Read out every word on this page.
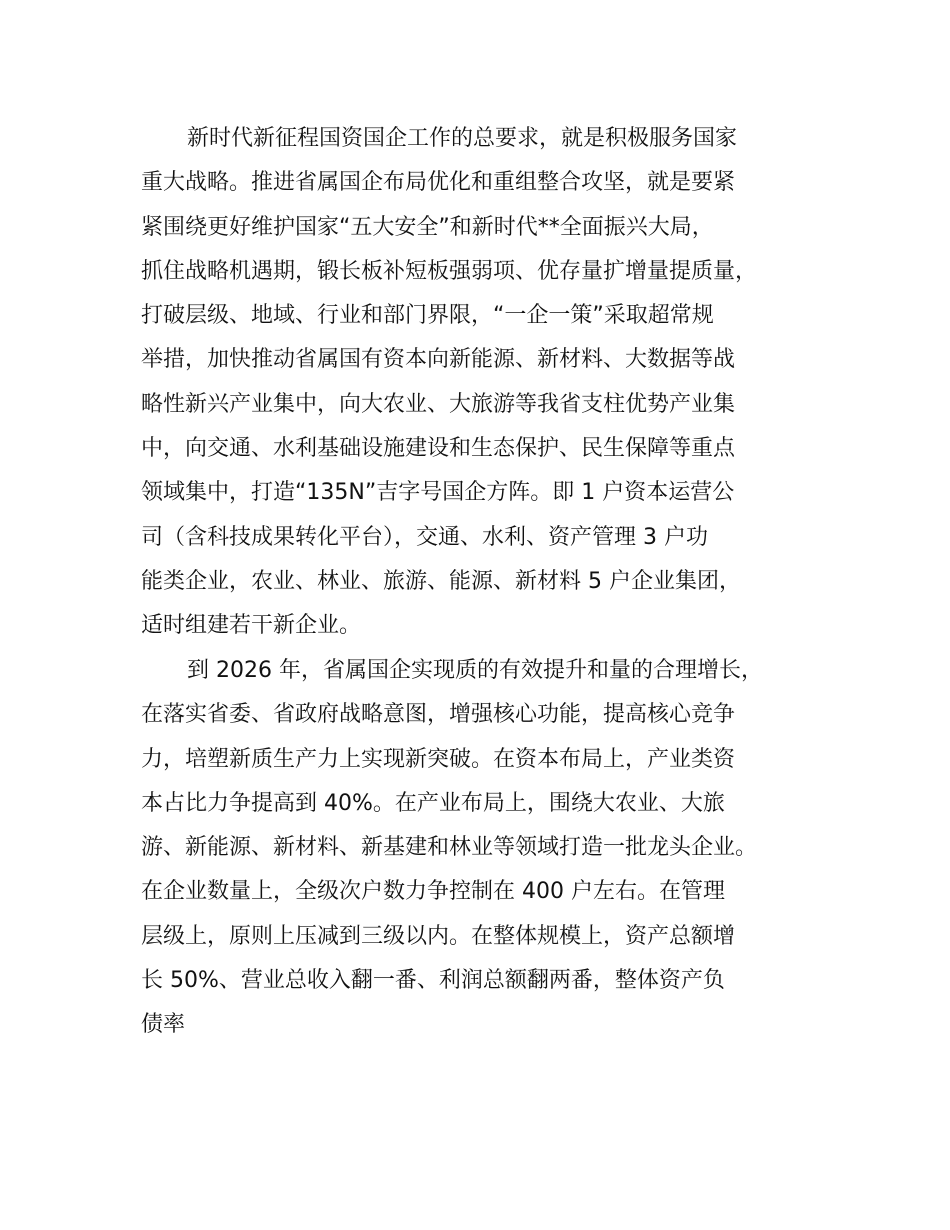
新时代新征程国资国企工作的总要求，就是积极服务国家
重大战略。推进省属国企布局优化和重组整合攻坚，就是要紧
紧围绕更好维护国家“五大安全”和新时代**全面振兴大局，
抓住战略机遇期，锻长板补短板强弱项、优存量扩增量提质量，
打破层级、地域、行业和部门界限，“一企一策”采取超常规
举措，加快推动省属国有资本向新能源、新材料、大数据等战
略性新兴产业集中，向大农业、大旅游等我省支柱优势产业集
中，向交通、水利基础设施建设和生态保护、民生保障等重点
领域集中，打造“135N”吉字号国企方阵。即 1 户资本运营公
司（含科技成果转化平台），交通、水利、资产管理 3 户功
能类企业，农业、林业、旅游、能源、新材料 5 户企业集团，
适时组建若干新企业。
到 2026 年，省属国企实现质的有效提升和量的合理增长，
在落实省委、省政府战略意图，增强核心功能，提高核心竞争
力，培塑新质生产力上实现新突破。在资本布局上，产业类资
本占比力争提高到 40%。在产业布局上，围绕大农业、大旅
游、新能源、新材料、新基建和林业等领域打造一批龙头企业。
在企业数量上，全级次户数力争控制在 400 户左右。在管理
层级上，原则上压减到三级以内。在整体规模上，资产总额增
长 50%、营业总收入翻一番、利润总额翻两番，整体资产负
债率
